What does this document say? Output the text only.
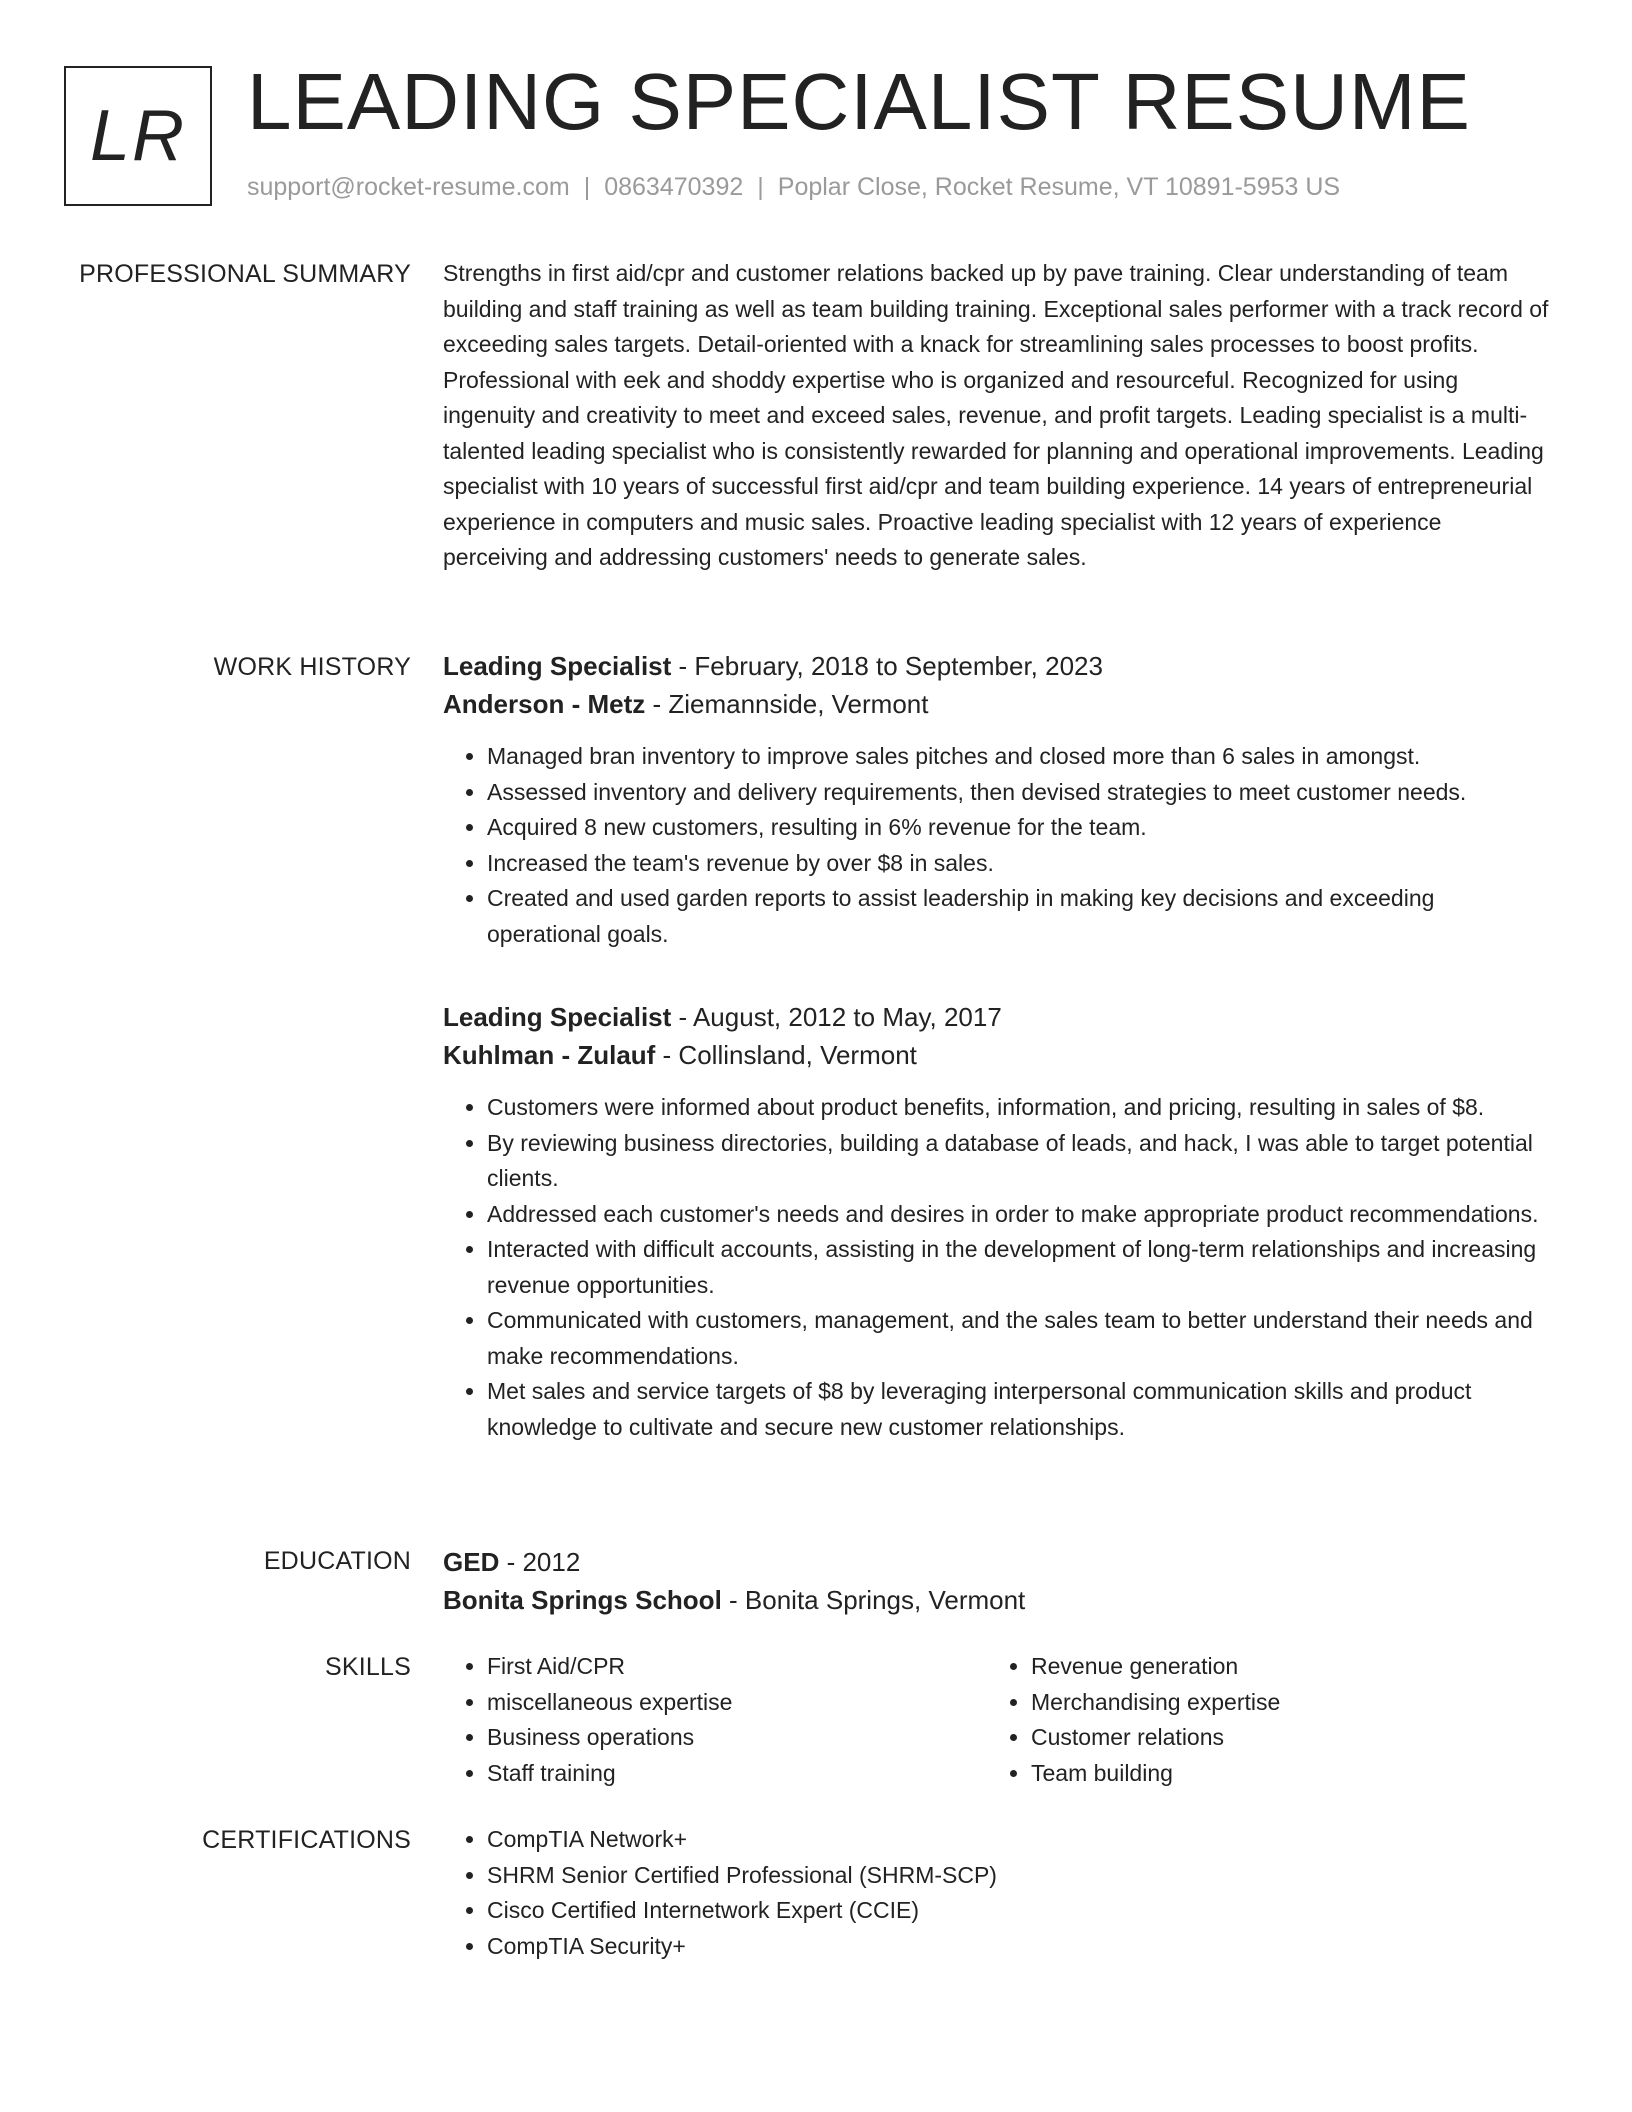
LR LEADING SPECIALIST RESUME
support@rocket-resume.com | 0863470392 | Poplar Close, Rocket Resume, VT 10891-5953 US
PROFESSIONAL SUMMARY Strengths in first aid/cpr and customer relations backed up by pave training. Clear understanding of team building and staff training as well as team building training. Exceptional sales performer with a track record of exceeding sales targets. Detail-oriented with a knack for streamlining sales processes to boost profits. Professional with eek and shoddy expertise who is organized and resourceful. Recognized for using ingenuity and creativity to meet and exceed sales, revenue, and profit targets. Leading specialist is a multi-talented leading specialist who is consistently rewarded for planning and operational improvements. Leading specialist with 10 years of successful first aid/cpr and team building experience. 14 years of entrepreneurial experience in computers and music sales. Proactive leading specialist with 12 years of experience perceiving and addressing customers' needs to generate sales.

WORK HISTORY Leading Specialist - February, 2018 to September, 2023
Anderson - Metz - Ziemannside, Vermont
• Managed bran inventory to improve sales pitches and closed more than 6 sales in amongst.
• Assessed inventory and delivery requirements, then devised strategies to meet customer needs.
• Acquired 8 new customers, resulting in 6% revenue for the team.
• Increased the team's revenue by over $8 in sales.
• Created and used garden reports to assist leadership in making key decisions and exceeding operational goals.
Leading Specialist - August, 2012 to May, 2017
Kuhlman - Zulauf - Collinsland, Vermont
• Customers were informed about product benefits, information, and pricing, resulting in sales of $8.
• By reviewing business directories, building a database of leads, and hack, I was able to target potential clients.
• Addressed each customer's needs and desires in order to make appropriate product recommendations.
• Interacted with difficult accounts, assisting in the development of long-term relationships and increasing revenue opportunities.
• Communicated with customers, management, and the sales team to better understand their needs and make recommendations.
• Met sales and service targets of $8 by leveraging interpersonal communication skills and product knowledge to cultivate and secure new customer relationships.
EDUCATION GED - 2012
Bonita Springs School - Bonita Springs, Vermont
SKILLS	• First Aid/CPR
• miscellaneous expertise
• Business operations
• Staff training
• Revenue generation
• Merchandising expertise
• Customer relations
• Team building
CERTIFICATIONS	• CompTIA Network+
• SHRM Senior Certified Professional (SHRM-SCP)
• Cisco Certified Internetwork Expert (CCIE)
• CompTIA Security+
